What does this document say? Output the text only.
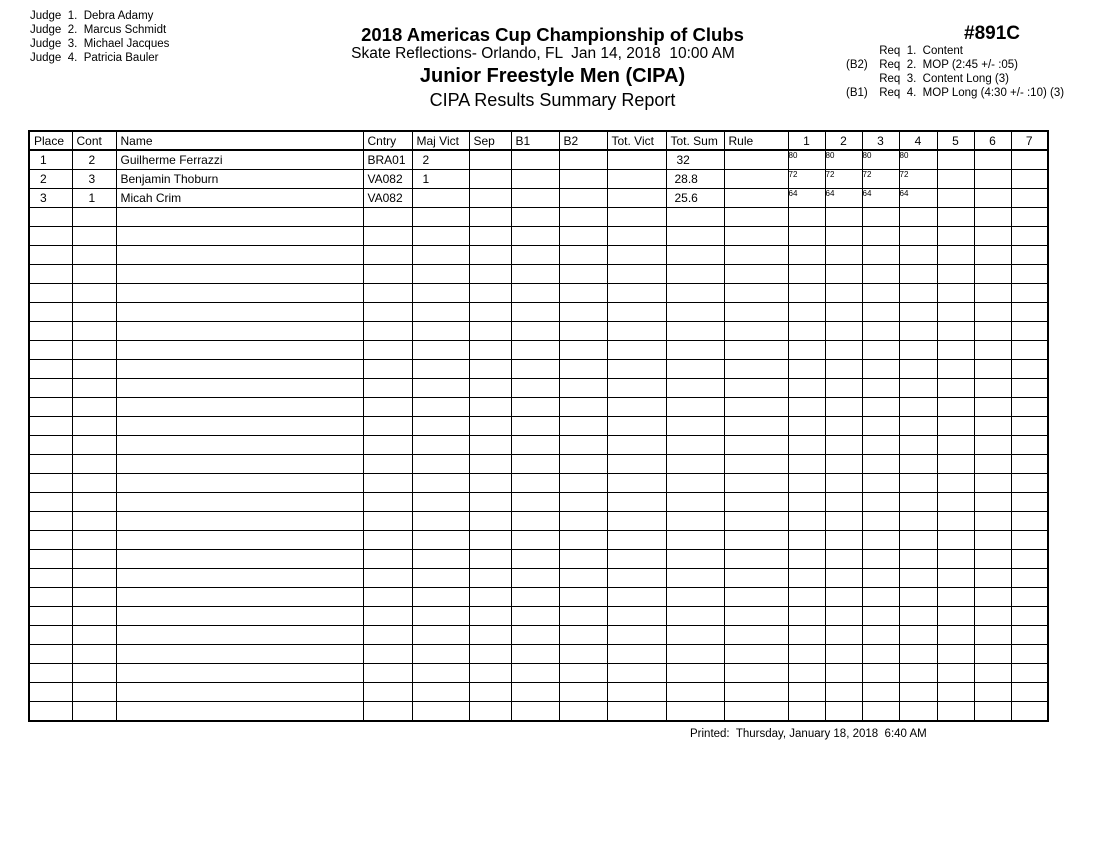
Judge 1. Debra Adamy
Judge 2. Marcus Schmidt
Judge 3. Michael Jacques
Judge 4. Patricia Bauler
2018 Americas Cup Championship of Clubs
Skate Reflections- Orlando, FL  Jan 14, 2018  10:00 AM
Junior Freestyle Men (CIPA)
CIPA Results Summary Report
#891C
Req  1.  Content
(B2) Req  2.  MOP (2:45 +/- :05)
Req  3.  Content Long (3)
(B1) Req  4.  MOP Long (4:30 +/- :10) (3)
Place	Cont	Name	Cntry	Maj Vict	Sep	B1	B2	Tot. Vict	Tot. Sum	Rule	1	2	3	4	5	6	7
1	2	Guilherme Ferrazzi	BRA01	2					32		80	80	80	80			
2	3	Benjamin Thoburn	VA082	1					28.8		72	72	72	72			
3	1	Micah Crim	VA082						25.6		64	64	64	64			

Printed:  Thursday, January 18, 2018  6:40 AM
